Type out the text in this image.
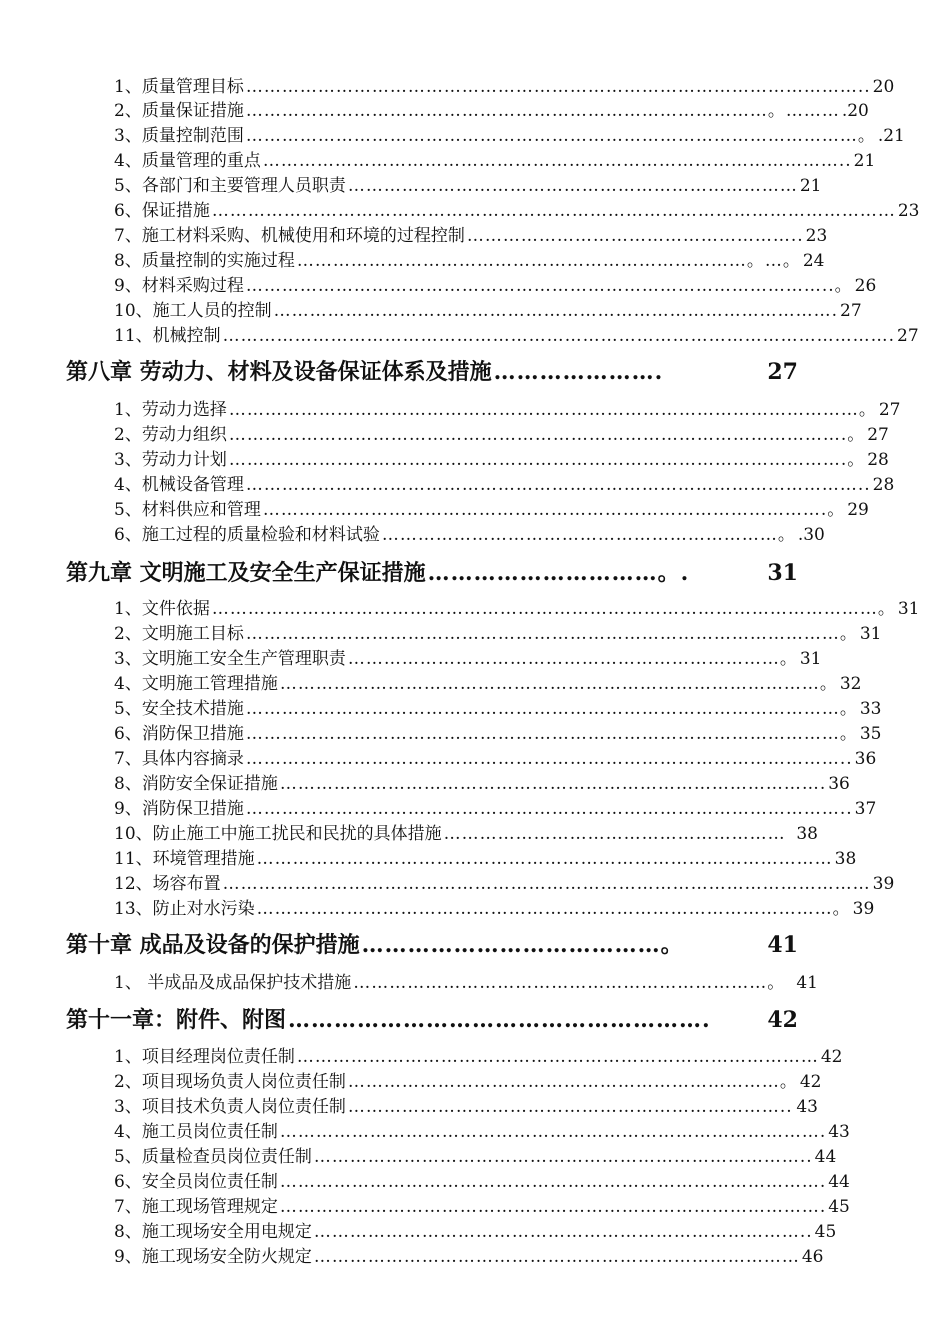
1、质量管理目标 ………………………………………………………………………………………….. 20
2、质量保证措施 ……………………………………………………………………………。……… .20
3、质量控制范围 …………………………………………………………………………………………。 .21
4、质量管理的重点 …………………………………………………………………………………….. 21
5、各部门和主要管理人员职责 ………………………………………………………………… 21
6、保证措施 …………………………………………………………………………………………………… 23
7、施工材料采购、机械使用和环境的过程控制 ……………………………………………….. 23
8、质量控制的实施过程 …………………………………………………………………。…。 24
9、材料采购过程 ……………………………………………………………………………………..。 26
10、施工人员的控制 …………………………………………………………………………………. 27
11、机械控制 …………………………………………………………………………………………………. 27
第八章 劳动力、材料及设备保证体系及措施 ………………….	27
1、劳动力选择 ……………………………………………………………………………………………。 27
2、劳动力组织 ………………………………………………………………………………………….。 27
3、劳动力计划 ………………………………………………………………………………………….。 28
4、机械设备管理 ………………………………………………………………………………………….. 28
5、材料供应和管理 ………………………………………………………………………………….。 29
6、施工过程的质量检验和材料试验 …………………………………………………………。 .30
第九章 文明施工及安全生产保证措施 …………………………。.	31
1、文件依据 …………………………………………………………………………………………………。 31
2、文明施工目标 ………………………………………………………………………………………。 31
3、文明施工安全生产管理职责 ………………………………………………………………。 31
4、文明施工管理措施 ………………………………………………………………………………。 32
5、安全技术措施 ………………………………………………………………………………………。 33
6、消防保卫措施 ………………………………………………………………………………………。 35
7、具体内容摘录 ……………………………………………………………………………………….. 36
8、消防安全保证措施 ………………………………………………………………………………. 36
9、消防保卫措施 ……………………………………………………………………………………….. 37
10、防止施工中施工扰民和民扰的具体措施 ………………………………………………… 38
11、环境管理措施 …………………………………………………………………………………… 38
12、场容布置 ……………………………………………………………………………………………… 39
13、防止对水污染 ……………………………………………………………………………………。 39
第十章 成品及设备的保护措施 …………………………………。	41
1、 半成品及成品保护技术措施 ……………………………………………………………。 41
第十一章：附件、附图 ……………………………………………….	42
1、项目经理岗位责任制 …………………………………………………………………………… 42
2、项目现场负责人岗位责任制 ………………………………………………………………。 42
3、项目技术负责人岗位责任制 ……………………………………………………………….. 43
4、施工员岗位责任制 ………………………………………………………………………………. 43
5、质量检查员岗位责任制 ……………………………………………………………………….. 44
6、安全员岗位责任制 ………………………………………………………………………………. 44
7、施工现场管理规定 ………………………………………………………………………………. 45
8、施工现场安全用电规定 ……………………………………………………………………….. 45
9、施工现场安全防火规定 ……………………………………………………………………… 46
